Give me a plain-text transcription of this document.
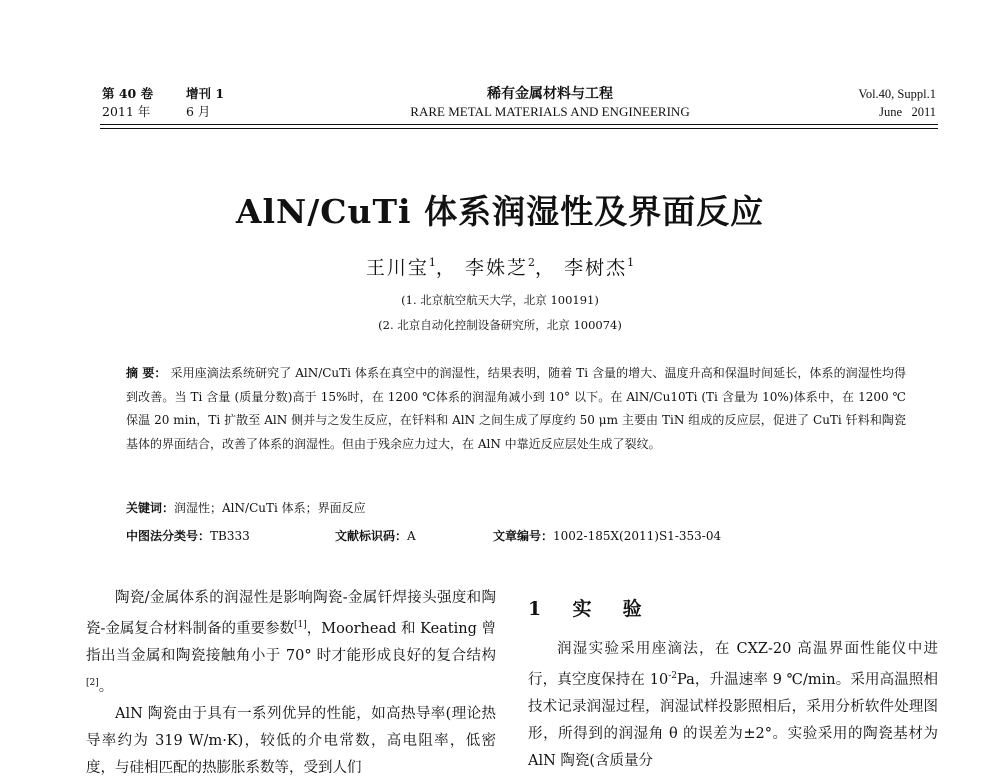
第 40 卷	增刊 1
2011 年	6 月
稀有金属材料与工程
RARE METAL MATERIALS AND ENGINEERING
Vol.40, Suppl.1
June   2011
AlN/CuTi 体系润湿性及界面反应
王川宝$^1$， 李姝芝$^2$， 李树杰$^1$
(1. 北京航空航天大学，北京 100191)
(2. 北京自动化控制设备研究所，北京 100074)
摘 要： 采用座滴法系统研究了 AlN/CuTi 体系在真空中的润湿性，结果表明，随着 Ti 含量的增大、温度升高和保温时间延长，体系的润湿性均得到改善。当 Ti 含量 (质量分数)高于 15%时，在 1200 ℃体系的润湿角减小到 10° 以下。在 AlN/Cu10Ti (Ti 含量为 10%)体系中，在 1200 ℃保温 20 min，Ti 扩散至 AlN 侧并与之发生反应，在钎料和 AlN 之间生成了厚度约 50 μm 主要由 TiN 组成的反应层，促进了 CuTi 钎料和陶瓷基体的界面结合，改善了体系的润湿性。但由于残余应力过大，在 AlN 中靠近反应层处生成了裂纹。
关键词：润湿性；AlN/CuTi 体系；界面反应
中图法分类号：TB333	文献标识码：A	文章编号：1002-185X(2011)S1-353-04

陶瓷/金属体系的润湿性是影响陶瓷-金属钎焊接头强度和陶瓷-金属复合材料制备的重要参数[1]，Moorhead 和 Keating 曾指出当金属和陶瓷接触角小于 70° 时才能形成良好的复合结构[2]。

AlN 陶瓷由于具有一系列优异的性能，如高热导率(理论热导率约为 319 W/m·K)，较低的介电常数，高电阻率，低密度，与硅相匹配的热膨胀系数等，受到人们

1  实  验

润湿实验采用座滴法，在 CXZ-20 高温界面性能仪中进行，真空度保持在 10$^{-2}$Pa，升温速率 9 ℃/min。采用高温照相技术记录润湿过程，润湿试样投影照相后，采用分析软件处理图形，所得到的润湿角 θ 的误差为±2°。实验采用的陶瓷基材为 AlN 陶瓷(含质量分
